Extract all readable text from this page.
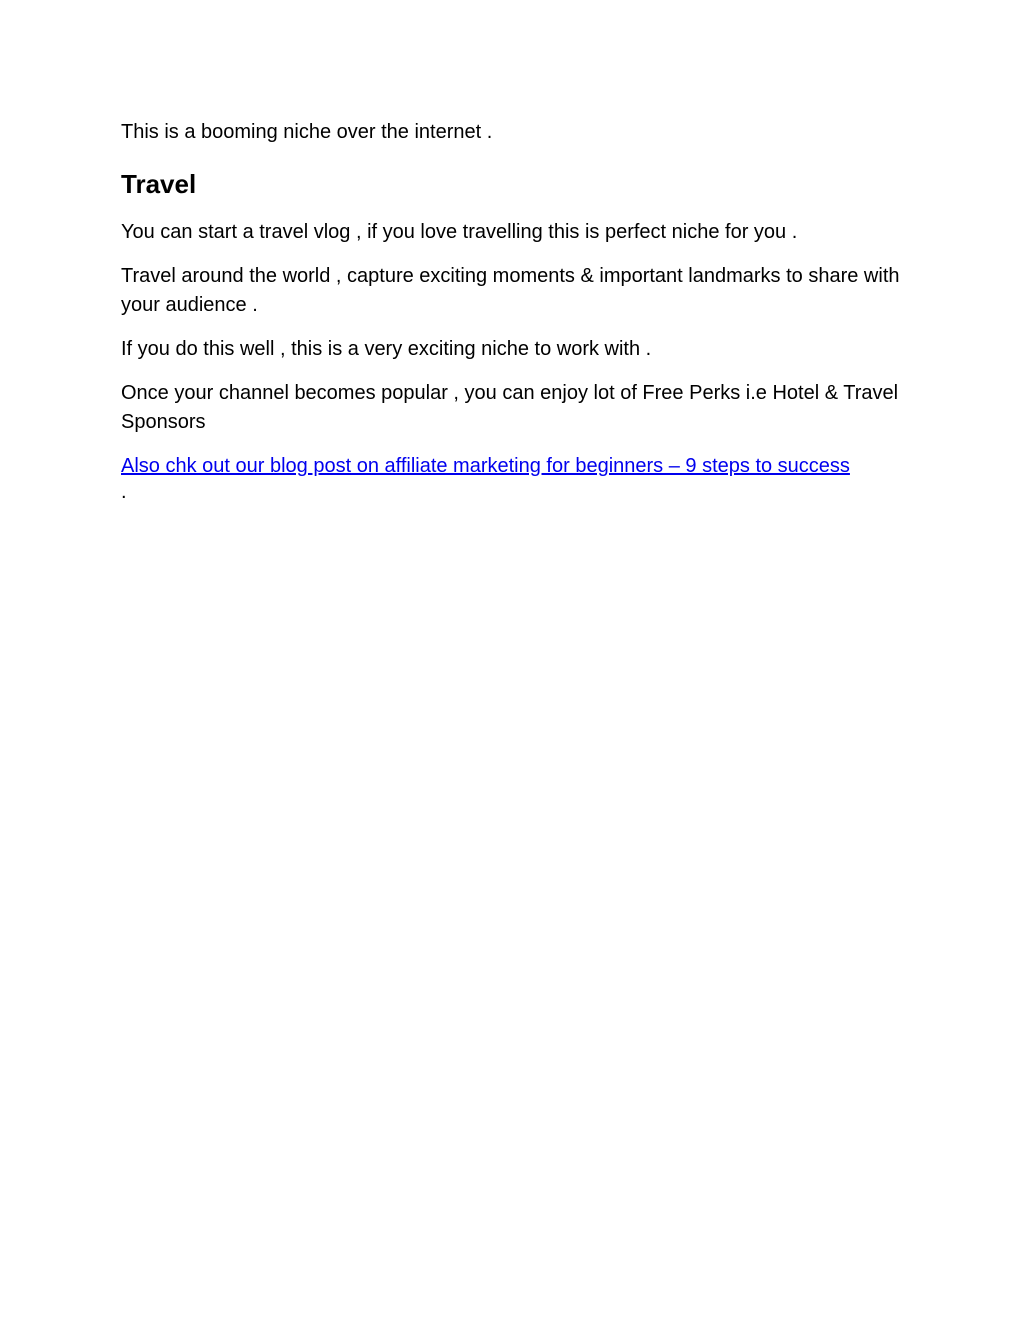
This is a booming niche over the internet .

Travel

You can start a travel vlog , if you love travelling this is perfect niche for you .

Travel around the world , capture exciting moments & important landmarks to share with your audience .

If you do this well , this is a very exciting niche to work with .

Once your channel becomes popular , you can enjoy lot of Free Perks i.e Hotel & Travel Sponsors

Also chk out our blog post on affiliate marketing for beginners – 9 steps to success
.
